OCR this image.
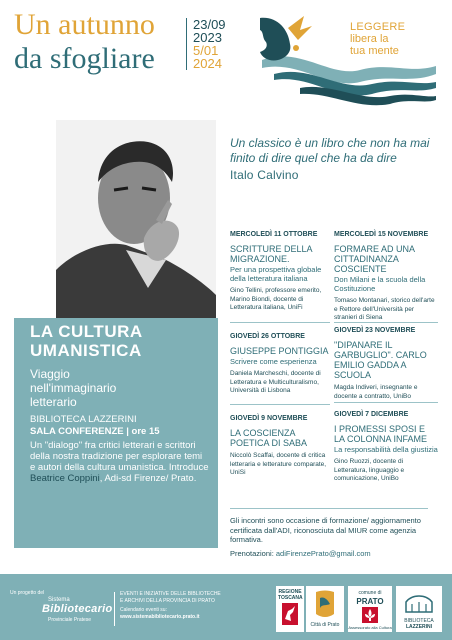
Un autunno
da sfogliare
23/09
2023
5/01
2024
LEGGERE
libera la
tua mente
Un classico è un libro che non ha mai finito di dire quel che ha da dire
Italo Calvino
LA CULTURA
UMANISTICA
Viaggio
nell'immaginario
letterario
BIBLIOTECA LAZZERINI
SALA CONFERENZE | ore 15
Un "dialogo" fra critici letterari e scrittori della nostra tradizione per esplorare temi e autori della cultura umanistica. Introduce Beatrice Coppini, Adi-sd Firenze/ Prato.
MERCOLEDÌ 11 OTTOBRE
SCRITTURE DELLA MIGRAZIONE.
Per una prospettiva globale della letteratura italiana
Gino Tellini, professore emerito, Marino Biondi, docente di Letteratura italiana, UniFi
MERCOLEDÌ 15 NOVEMBRE
FORMARE AD UNA CITTADINANZA COSCIENTE
Don Milani e la scuola della Costituzione
Tomaso Montanari, storico dell'arte e Rettore dell'Università per stranieri di Siena
GIOVEDÌ 26 OTTOBRE
GIUSEPPE PONTIGGIA
Scrivere come esperienza
Daniela Marcheschi, docente di Letteratura e Multiculturalismo, Università di Lisbona
GIOVEDÌ 23 NOVEMBRE
"DIPANARE IL GARBUGLIO". CARLO EMILIO GADDA A SCUOLA
Magda Indiveri, insegnante e docente a contratto, UniBo
GIOVEDÌ 9 NOVEMBRE
LA COSCIENZA POETICA DI SABA
Niccolò Scaffai, docente di critica letteraria e letterature comparate, UniSi
GIOVEDÌ 7 DICEMBRE
I PROMESSI SPOSI E LA COLONNA INFAME
La responsabilità della giustizia
Gino Ruozzi, docente di Letteratura, linguaggio e comunicazione, UniBo
Gli incontri sono occasione di formazione/ aggiornamento certificata dall'ADI, riconosciuta dal MIUR come agenzia formativa.
Prenotazioni: adiFirenzePrato@gmail.com
Un progetto del
Sistema
Bibliotecario
Provinciale Pratese
EVENTI E INIZIATIVE DELLE BIBLIOTECHE
E ARCHIVI DELLA PROVINCIA DI PRATO
Calendario eventi su:
www.sistemabibliotecario.prato.it
REGIONE
TOSCANA
Città di Prato
comune di
PRATO
Assessorato alla Cultura
BIBLIOTECA
LAZZERINI
